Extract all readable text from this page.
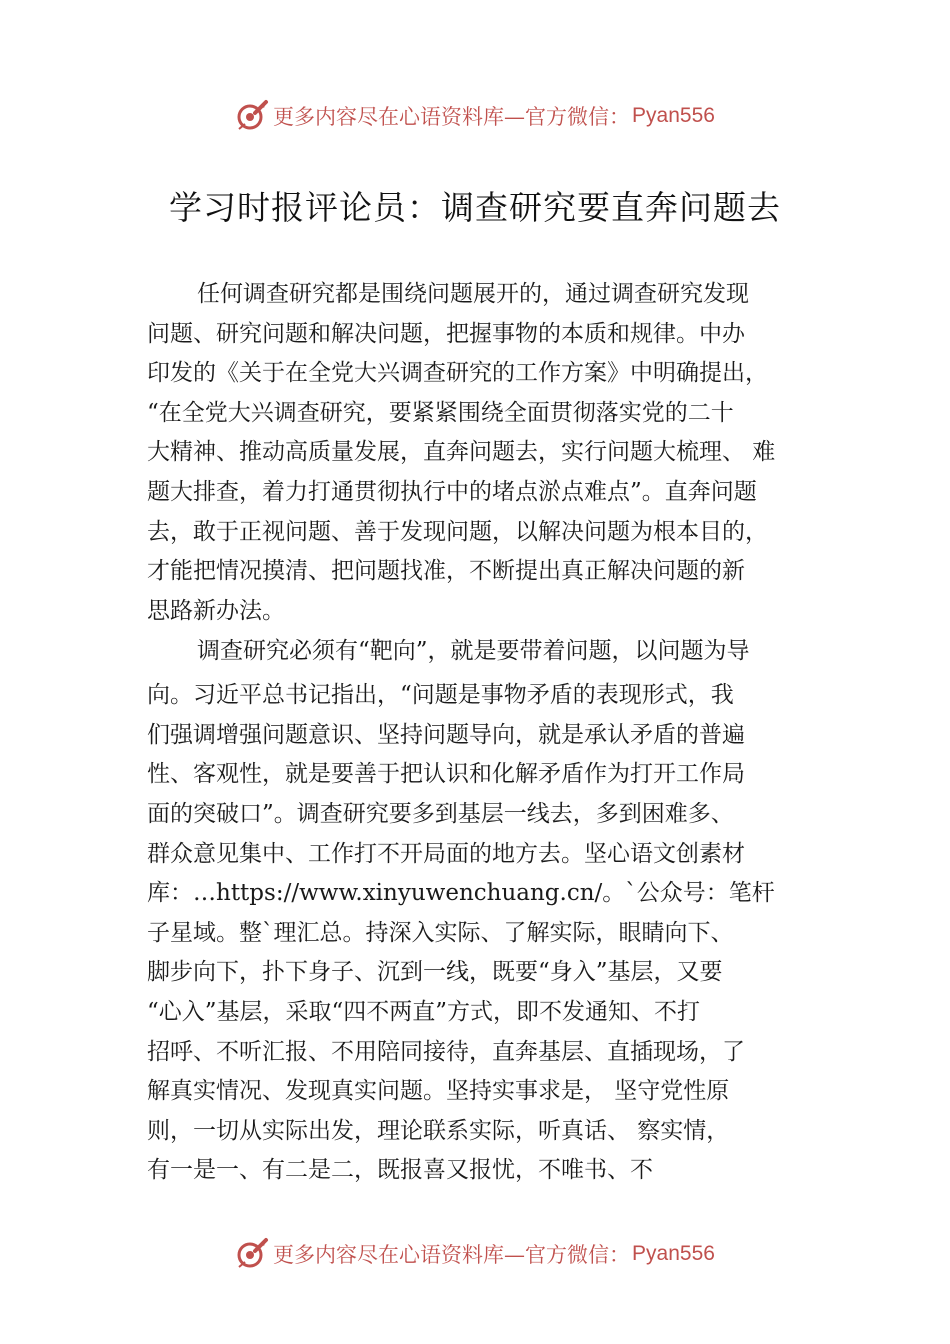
更多内容尽在心语资料库—官方微信： Pyan556
学习时报评论员：调查研究要直奔问题去
任何调查研究都是围绕问题展开的，通过调查研究发现
问题、研究问题和解决问题，把握事物的本质和规律。中办
印发的《关于在全党大兴调查研究的工作方案》中明确提出，
“在全党大兴调查研究，要紧紧围绕全面贯彻落实党的二十
大精神、推动高质量发展，直奔问题去，实行问题大梳理、 难
题大排查，着力打通贯彻执行中的堵点淤点难点”。直奔问题
去，敢于正视问题、善于发现问题，以解决问题为根本目的，
才能把情况摸清、把问题找准，不断提出真正解决问题的新
思路新办法。
调查研究必须有“靶向”，就是要带着问题，以问题为导
向。习近平总书记指出，“问题是事物矛盾的表现形式，我
们强调增强问题意识、坚持问题导向，就是承认矛盾的普遍
性、客观性，就是要善于把认识和化解矛盾作为打开工作局
面的突破口”。调查研究要多到基层一线去，多到困难多、
群众意见集中、工作打不开局面的地方去。坚心语文创素材
库：…https://www.xinyuwenchuang.cn/。`公众号：笔杆
子星域。整`理汇总。持深入实际、了解实际，眼睛向下、
脚步向下，扑下身子、沉到一线，既要“身入”基层，又要
“心入”基层，采取“四不两直”方式，即不发通知、不打
招呼、不听汇报、不用陪同接待，直奔基层、直插现场，了
解真实情况、发现真实问题。坚持实事求是， 坚守党性原
则，一切从实际出发，理论联系实际，听真话、 察实情，
有一是一、有二是二，既报喜又报忧，不唯书、不
更多内容尽在心语资料库—官方微信： Pyan556
